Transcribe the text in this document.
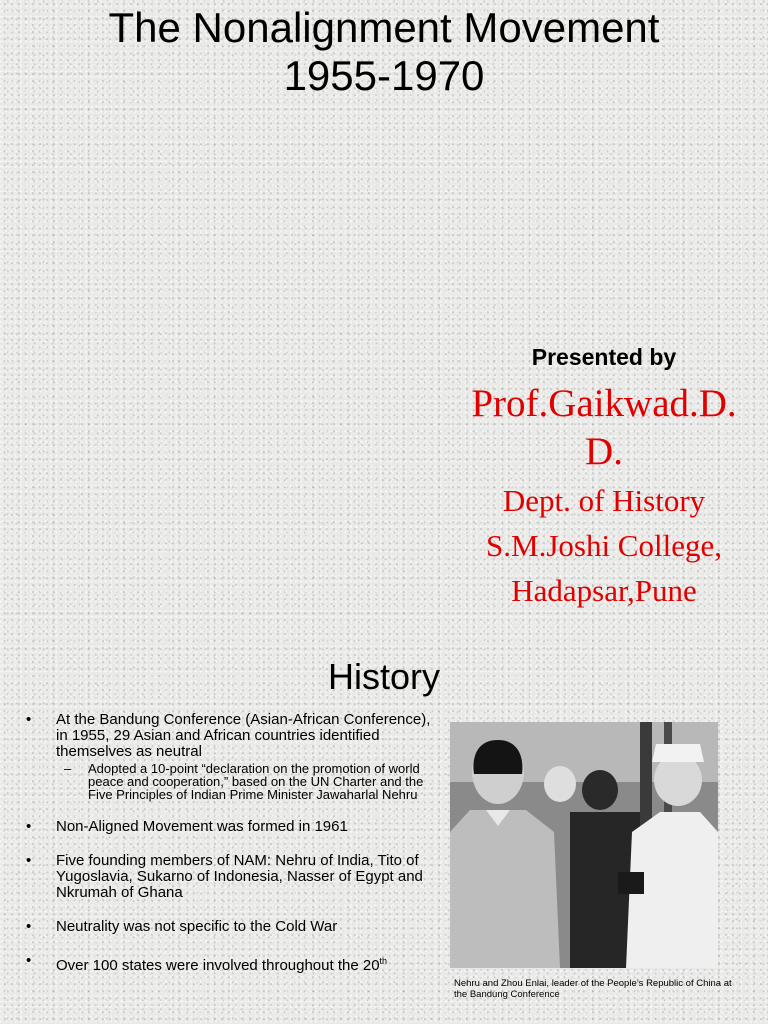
The Nonalignment Movement
1955-1970
Presented by
Prof.Gaikwad.D.
D.
Dept. of History
S.M.Joshi College,
Hadapsar,Pune
History
• At the Bandung Conference (Asian-African Conference), in 1955, 29 Asian and African countries identified themselves as neutral
– Adopted a 10-point “declaration on the promotion of world peace and cooperation,” based on the UN Charter and the Five Principles of Indian Prime Minister Jawaharlal Nehru
• Non-Aligned Movement was formed in 1961
• Five founding members of NAM: Nehru of India, Tito of Yugoslavia, Sukarno of Indonesia, Nasser of Egypt and Nkrumah of Ghana
• Neutrality was not specific to the Cold War
• Over 100 states were involved throughout the 20th
Nehru and Zhou Enlai, leader of the People’s Republic of China at the Bandung Conference
